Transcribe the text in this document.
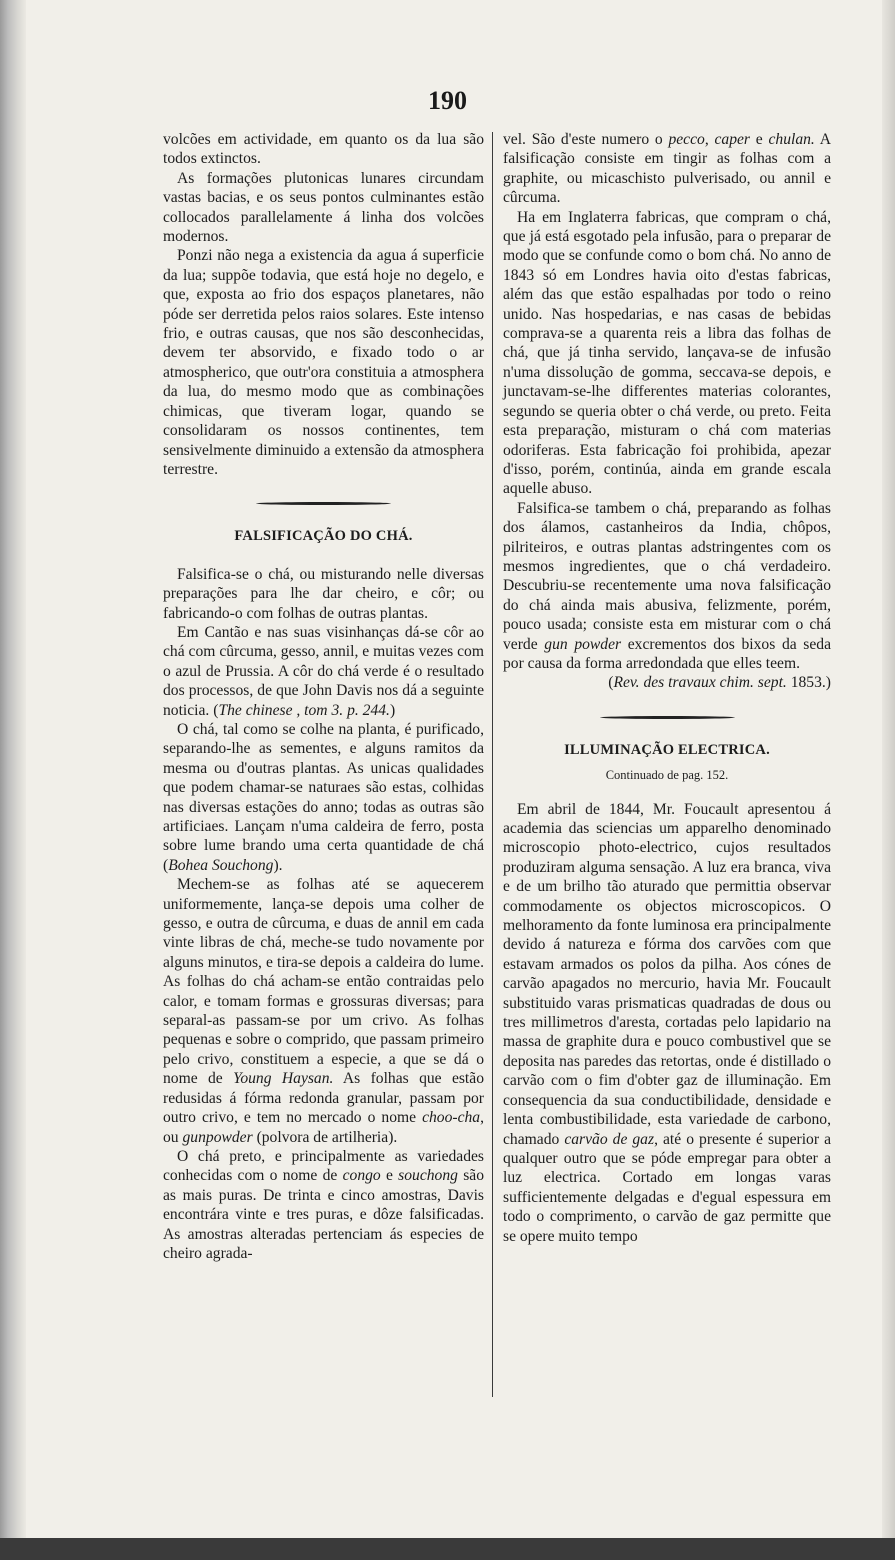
190

volcões em actividade, em quanto os da lua são todos extinctos.

As formações plutonicas lunares circundam vastas bacias, e os seus pontos culminantes estão collocados parallelamente á linha dos volcões modernos.

Ponzi não nega a existencia da agua á superficie da lua; suppõe todavia, que está hoje no degelo, e que, exposta ao frio dos espaços planetares, não póde ser derretida pelos raios solares. Este intenso frio, e outras causas, que nos são desconhecidas, devem ter absorvido, e fixado todo o ar atmospherico, que outr'ora constituia a atmosphera da lua, do mesmo modo que as combinações chimicas, que tiveram logar, quando se consolidaram os nossos continentes, tem sensivelmente diminuido a extensão da atmosphera terrestre.

FALSIFICAÇÃO DO CHÁ.

Falsifica-se o chá, ou misturando nelle diversas preparações para lhe dar cheiro, e côr; ou fabricando-o com folhas de outras plantas.

Em Cantão e nas suas visinhanças dá-se côr ao chá com cûrcuma, gesso, annil, e muitas vezes com o azul de Prussia. A côr do chá verde é o resultado dos processos, de que John Davis nos dá a seguinte noticia. (The chinese , tom 3. p. 244.)

O chá, tal como se colhe na planta, é purificado, separando-lhe as sementes, e alguns ramitos da mesma ou d'outras plantas. As unicas qualidades que podem chamar-se naturaes são estas, colhidas nas diversas estações do anno; todas as outras são artificiaes. Lançam n'uma caldeira de ferro, posta sobre lume brando uma certa quantidade de chá (Bohea Souchong).

Mechem-se as folhas até se aquecerem uniformemente, lança-se depois uma colher de gesso, e outra de cûrcuma, e duas de annil em cada vinte libras de chá, meche-se tudo novamente por alguns minutos, e tira-se depois a caldeira do lume. As folhas do chá acham-se então contraidas pelo calor, e tomam formas e grossuras diversas; para separal-as passam-se por um crivo. As folhas pequenas e sobre o comprido, que passam primeiro pelo crivo, constituem a especie, a que se dá o nome de Young Haysan. As folhas que estão redusidas á fórma redonda granular, passam por outro crivo, e tem no mercado o nome choo-cha, ou gunpowder (polvora de artilheria).

O chá preto, e principalmente as variedades conhecidas com o nome de congo e souchong são as mais puras. De trinta e cinco amostras, Davis encontrára vinte e tres puras, e dôze falsificadas. As amostras alteradas pertenciam ás especies de cheiro agrada-

vel. São d'este numero o pecco, caper e chulan. A falsificação consiste em tingir as folhas com a graphite, ou micaschisto pulverisado, ou annil e cûrcuma.

Ha em Inglaterra fabricas, que compram o chá, que já está esgotado pela infusão, para o preparar de modo que se confunde como o bom chá. No anno de 1843 só em Londres havia oito d'estas fabricas, além das que estão espalhadas por todo o reino unido. Nas hospedarias, e nas casas de bebidas comprava-se a quarenta reis a libra das folhas de chá, que já tinha servido, lançava-se de infusão n'uma dissolução de gomma, seccava-se depois, e junctavam-se-lhe differentes materias colorantes, segundo se queria obter o chá verde, ou preto. Feita esta preparação, misturam o chá com materias odoriferas. Esta fabricação foi prohibida, apezar d'isso, porém, continúa, ainda em grande escala aquelle abuso.

Falsifica-se tambem o chá, preparando as folhas dos álamos, castanheiros da India, chôpos, pilriteiros, e outras plantas adstringentes com os mesmos ingredientes, que o chá verdadeiro. Descubriu-se recentemente uma nova falsificação do chá ainda mais abusiva, felizmente, porém, pouco usada; consiste esta em misturar com o chá verde gun powder excrementos dos bixos da seda por causa da forma arredondada que elles teem.

(Rev. des travaux chim. sept. 1853.)

ILLUMINAÇÃO ELECTRICA.
Continuado de pag. 152.

Em abril de 1844, Mr. Foucault apresentou á academia das sciencias um apparelho denominado microscopio photo-electrico, cujos resultados produziram alguma sensação. A luz era branca, viva e de um brilho tão aturado que permittia observar commodamente os objectos microscopicos. O melhoramento da fonte luminosa era principalmente devido á natureza e fórma dos carvões com que estavam armados os polos da pilha. Aos cónes de carvão apagados no mercurio, havia Mr. Foucault substituido varas prismaticas quadradas de dous ou tres millimetros d'aresta, cortadas pelo lapidario na massa de graphite dura e pouco combustivel que se deposita nas paredes das retortas, onde é distillado o carvão com o fim d'obter gaz de illuminação. Em consequencia da sua conductibilidade, densidade e lenta combustibilidade, esta variedade de carbono, chamado carvão de gaz, até o presente é superior a qualquer outro que se póde empregar para obter a luz electrica. Cortado em longas varas sufficientemente delgadas e d'egual espessura em todo o comprimento, o carvão de gaz permitte que se opere muito tempo
